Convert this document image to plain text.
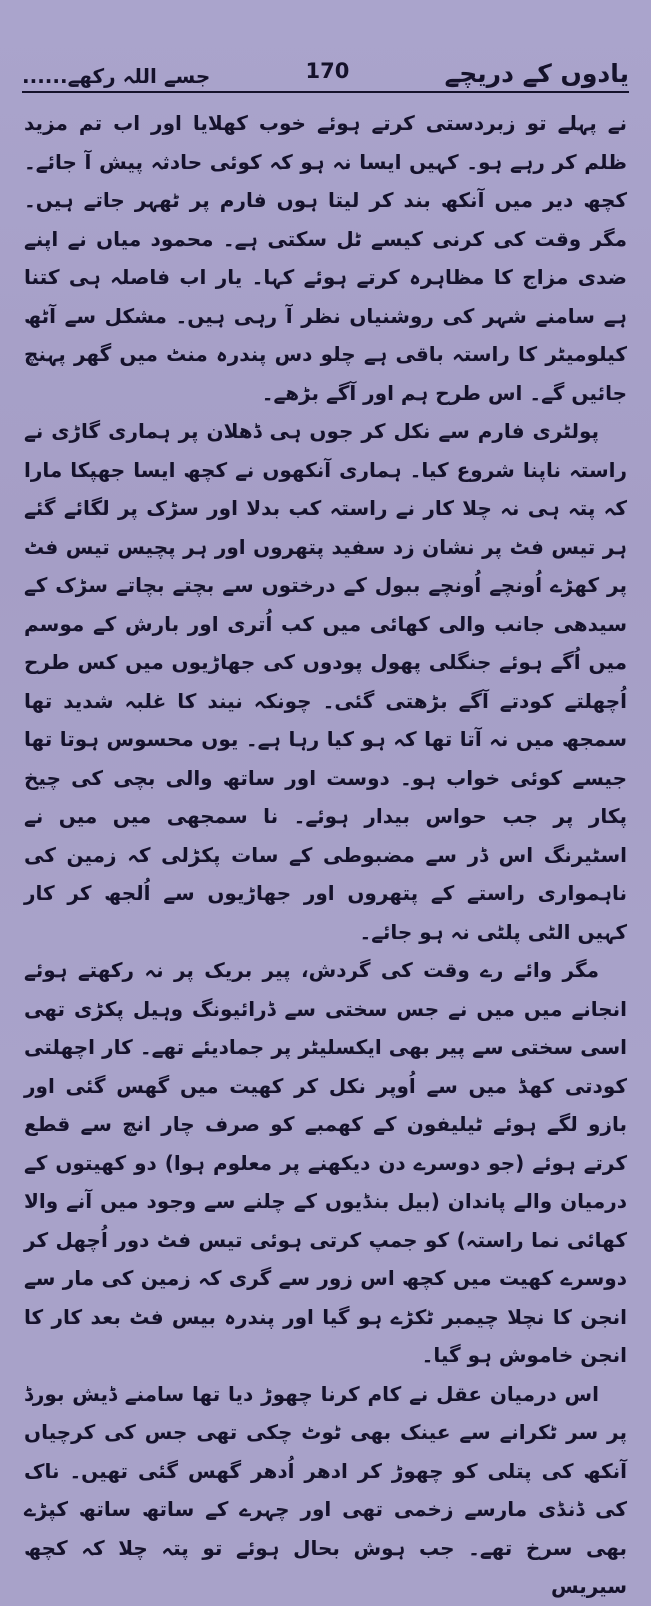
جسے اللہ رکھے......	170	یادوں کے دریچے

نے پہلے تو زبردستی کرتے ہوئے خوب کھلایا اور اب تم مزید ظلم کر رہے ہو۔ کہیں ایسا نہ ہو کہ کوئی حادثہ پیش آ جائے۔ کچھ دیر میں آنکھ بند کر لیتا ہوں فارم پر ٹھہر جاتے ہیں۔ مگر وقت کی کرنی کیسے ٹل سکتی ہے۔ محمود میاں نے اپنے ضدی مزاج کا مظاہرہ کرتے ہوئے کہا۔ یار اب فاصلہ ہی کتنا ہے سامنے شہر کی روشنیاں نظر آ رہی ہیں۔ مشکل سے آٹھ کیلومیٹر کا راستہ باقی ہے چلو دس پندرہ منٹ میں گھر پہنچ جائیں گے۔ اس طرح ہم اور آگے بڑھے۔

پولٹری فارم سے نکل کر جوں ہی ڈھلان پر ہماری گاڑی نے راستہ ناپنا شروع کیا۔ ہماری آنکھوں نے کچھ ایسا جھپکا مارا کہ پتہ ہی نہ چلا کار نے راستہ کب بدلا اور سڑک پر لگائے گئے ہر تیس فٹ پر نشان زد سفید پتھروں اور ہر پچیس تیس فٹ پر کھڑے اُونچے اُونچے ببول کے درختوں سے بچتے بچاتے سڑک کے سیدھی جانب والی کھائی میں کب اُتری اور بارش کے موسم میں اُگے ہوئے جنگلی پھول پودوں کی جھاڑیوں میں کس طرح اُچھلتے کودتے آگے بڑھتی گئی۔ چونکہ نیند کا غلبہ شدید تھا سمجھ میں نہ آتا تھا کہ ہو کیا رہا ہے۔ یوں محسوس ہوتا تھا جیسے کوئی خواب ہو۔ دوست اور ساتھ والی بچی کی چیخ پکار پر جب حواس بیدار ہوئے۔ نا سمجھی میں میں نے اسٹیرنگ اس ڈر سے مضبوطی کے سات پکڑلی کہ زمین کی ناہمواری راستے کے پتھروں اور جھاڑیوں سے اُلجھ کر کار کہیں الٹی پلٹی نہ ہو جائے۔

مگر وائے رے وقت کی گردش، پیر بریک پر نہ رکھتے ہوئے انجانے میں میں نے جس سختی سے ڈرائیونگ وہیل پکڑی تھی اسی سختی سے پیر بھی ایکسلیٹر پر جمادیئے تھے۔ کار اچھلتی کودتی کھڈ میں سے اُوپر نکل کر کھیت میں گھس گئی اور بازو لگے ہوئے ٹیلیفون کے کھمبے کو صرف چار انچ سے قطع کرتے ہوئے (جو دوسرے دن دیکھنے پر معلوم ہوا) دو کھیتوں کے درمیان والے پاندان (بیل بنڈیوں کے چلنے سے وجود میں آنے والا کھائی نما راستہ) کو جمپ کرتی ہوئی تیس فٹ دور اُچھل کر دوسرے کھیت میں کچھ اس زور سے گری کہ زمین کی مار سے انجن کا نچلا چیمبر ٹکڑے ہو گیا اور پندرہ بیس فٹ بعد کار کا انجن خاموش ہو گیا۔

اس درمیان عقل نے کام کرنا چھوڑ دیا تھا سامنے ڈیش بورڈ پر سر ٹکرانے سے عینک بھی ٹوٹ چکی تھی جس کی کرچیاں آنکھ کی پتلی کو چھوڑ کر ادھر اُدھر گھس گئی تھیں۔ ناک کی ڈنڈی مارسے زخمی تھی اور چہرے کے ساتھ ساتھ کپڑے بھی سرخ تھے۔ جب ہوش بحال ہوئے تو پتہ چلا کہ کچھ سیریس
